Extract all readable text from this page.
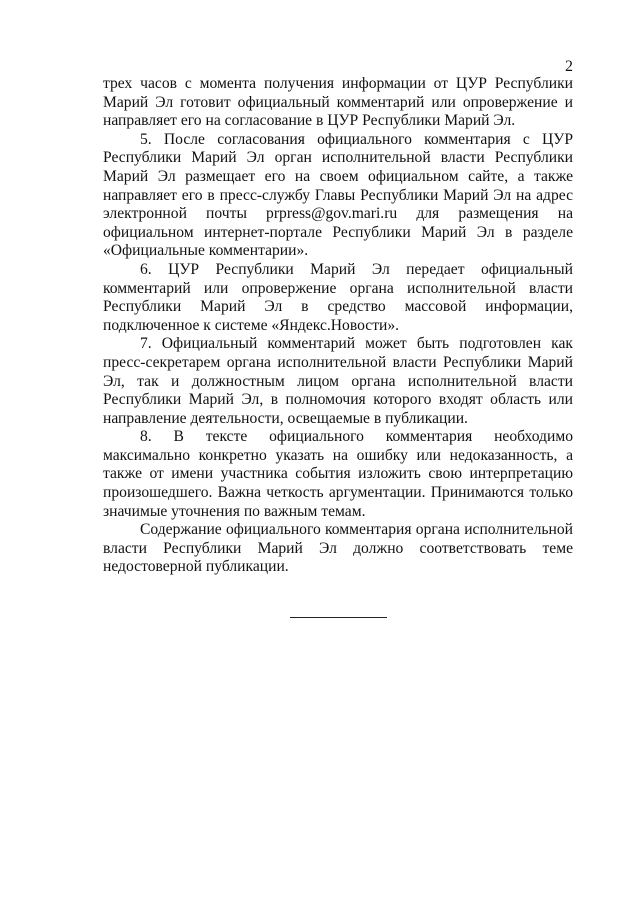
2

трех часов с момента получения информации от ЦУР Республики Марий Эл готовит официальный комментарий или опровержение и направляет его на согласование в ЦУР Республики Марий Эл.

5. После согласования официального комментария с ЦУР Республики Марий Эл орган исполнительной власти Республики Марий Эл размещает его на своем официальном сайте, а также направляет его в пресс-службу Главы Республики Марий Эл на адрес электронной почты prpress@gov.mari.ru для размещения на официальном интернет-портале Республики Марий Эл в разделе «Официальные комментарии».

6. ЦУР Республики Марий Эл передает официальный комментарий или опровержение органа исполнительной власти Республики Марий Эл в средство массовой информации, подключенное к системе «Яндекс.Новости».

7. Официальный комментарий может быть подготовлен как пресс-секретарем органа исполнительной власти Республики Марий Эл, так и должностным лицом органа исполнительной власти Республики Марий Эл, в полномочия которого входят область или направление деятельности, освещаемые в публикации.

8. В тексте официального комментария необходимо максимально конкретно указать на ошибку или недоказанность, а также от имени участника события изложить свою интерпретацию произошедшего. Важна четкость аргументации. Принимаются только значимые уточнения по важным темам.

Содержание официального комментария органа исполнительной власти Республики Марий Эл должно соответствовать теме недостоверной публикации.
